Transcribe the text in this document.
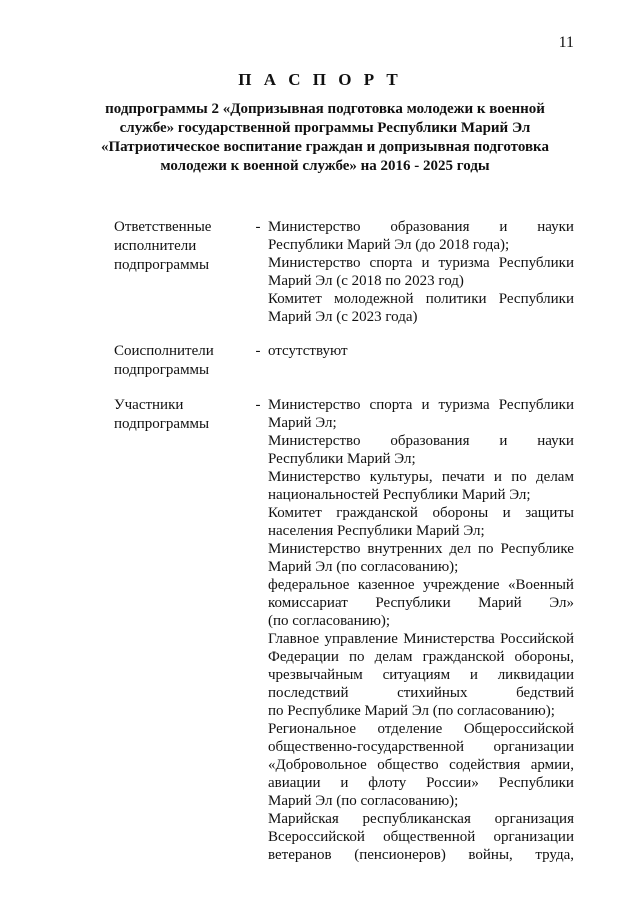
11
П А С П О Р Т
подпрограммы 2 «Допризывная подготовка молодежи к военной
службе» государственной программы Республики Марий Эл
«Патриотическое воспитание граждан и допризывная подготовка
молодежи к военной службе» на 2016 - 2025 годы
Ответственные
исполнители
подпрограммы
- Министерство образования и науки
Республики Марий Эл (до 2018 года);
Министерство спорта и туризма Республики
Марий Эл (с 2018 по 2023 год)
Комитет молодежной политики Республики
Марий Эл (с 2023 года)
Соисполнители
подпрограммы
- отсутствуют
Участники
подпрограммы
- Министерство спорта и туризма Республики
Марий Эл;
Министерство образования и науки
Республики Марий Эл;
Министерство культуры, печати и по делам
национальностей Республики Марий Эл;
Комитет гражданской обороны и защиты
населения Республики Марий Эл;
Министерство внутренних дел по Республике
Марий Эл (по согласованию);
федеральное казенное учреждение «Военный
комиссариат Республики Марий Эл»
(по согласованию);
Главное управление Министерства Российской
Федерации по делам гражданской обороны,
чрезвычайным ситуациям и ликвидации
последствий	стихийных	бедствий
по Республике Марий Эл (по согласованию);
Региональное отделение Общероссийской
общественно-государственной организации
«Добровольное общество содействия армии,
авиации и флоту России» Республики
Марий Эл (по согласованию);
Марийская республиканская организация
Всероссийской общественной организации
ветеранов (пенсионеров) войны, труда,
